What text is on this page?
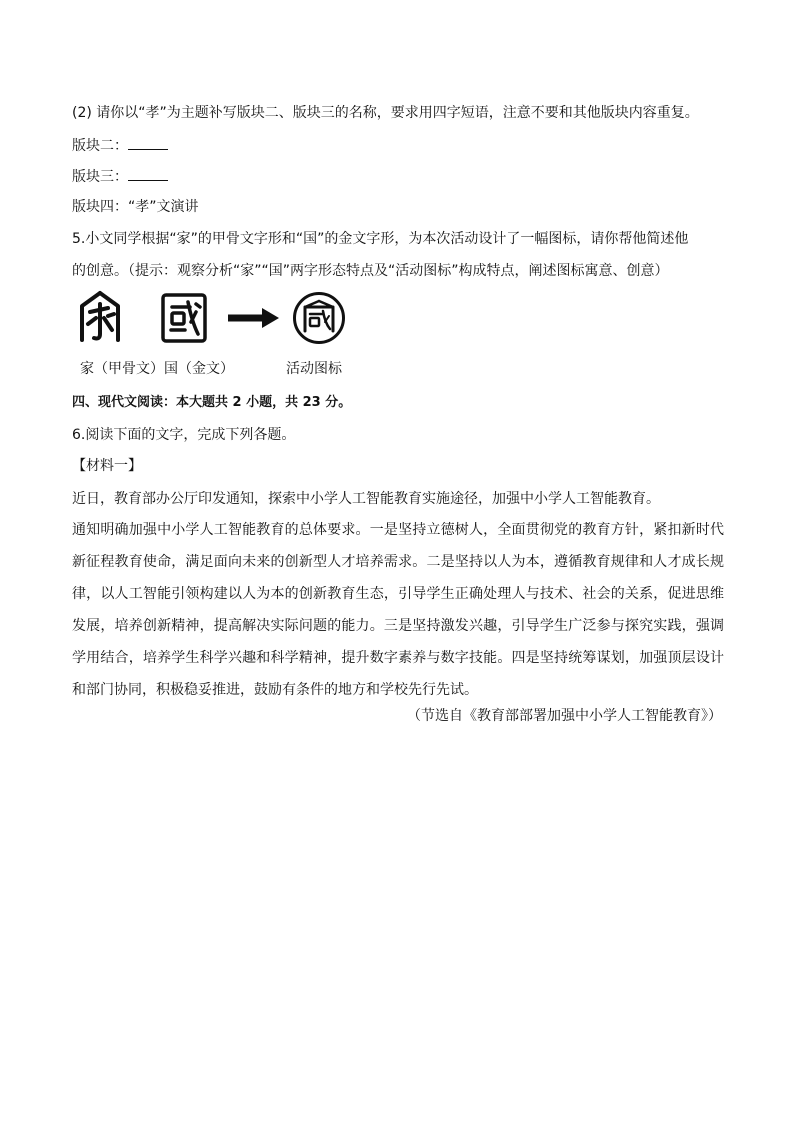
(2) 请你以“孝”为主题补写版块二、版块三的名称，要求用四字短语，注意不要和其他版块内容重复。
版块二：
版块三：
版块四：“孝”文演讲
5.小文同学根据“家”的甲骨文字形和“国”的金文字形，为本次活动设计了一幅图标，请你帮他简述他
的创意。（提示：观察分析“家”“国”两字形态特点及“活动图标”构成特点，阐述图标寓意、创意）
家（甲骨文）国（金文）	活动图标
四、现代文阅读：本大题共 2 小题，共 23 分。
6.阅读下面的文字，完成下列各题。
【材料一】
近日，教育部办公厅印发通知，探索中小学人工智能教育实施途径，加强中小学人工智能教育。
通知明确加强中小学人工智能教育的总体要求。一是坚持立德树人，全面贯彻党的教育方针，紧扣新时代新征程教育使命，满足面向未来的创新型人才培养需求。二是坚持以人为本，遵循教育规律和人才成长规律，以人工智能引领构建以人为本的创新教育生态，引导学生正确处理人与技术、社会的关系，促进思维发展，培养创新精神，提高解决实际问题的能力。三是坚持激发兴趣，引导学生广泛参与探究实践，强调学用结合，培养学生科学兴趣和科学精神，提升数字素养与数字技能。四是坚持统筹谋划，加强顶层设计和部门协同，积极稳妥推进，鼓励有条件的地方和学校先行先试。
（节选自《教育部部署加强中小学人工智能教育》）
